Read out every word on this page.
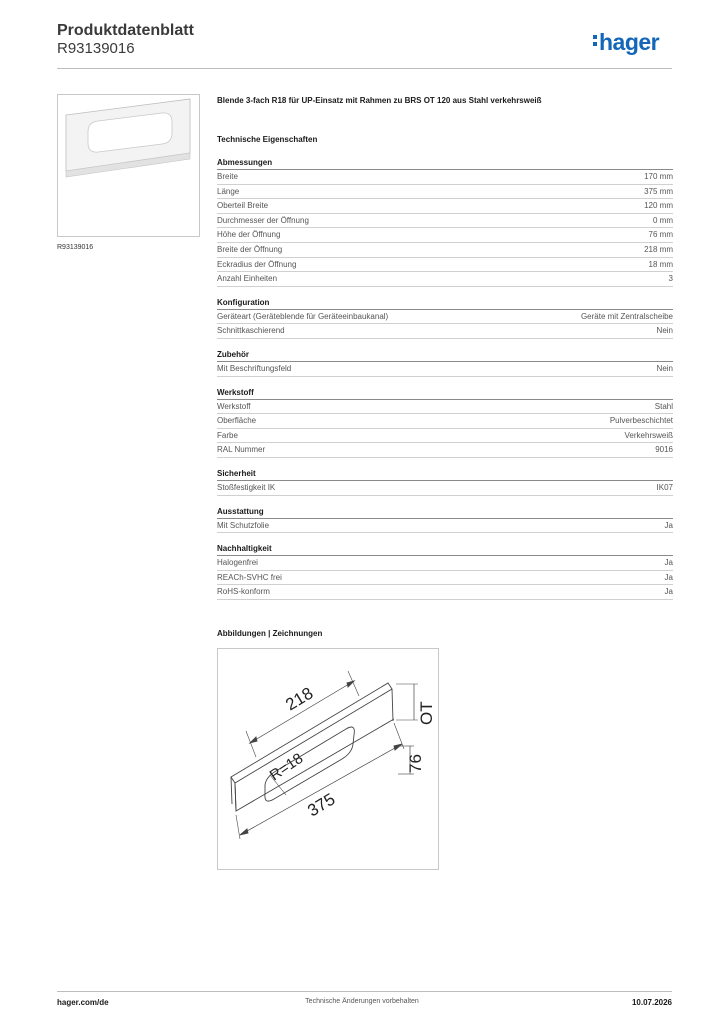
Produktdatenblatt
R93139016	hager
R93139016
Blende 3-fach R18 für UP-Einsatz mit Rahmen zu BRS OT 120 aus Stahl verkehrsweiß
Technische Eigenschaften
Abmessungen
Breite	170 mm
Länge	375 mm
Oberteil Breite	120 mm
Durchmesser der Öffnung	0 mm
Höhe der Öffnung	76 mm
Breite der Öffnung	218 mm
Eckradius der Öffnung	18 mm
Anzahl Einheiten	3
Konfiguration
Geräteart (Geräteblende für Geräteeinbaukanal)	Geräte mit Zentralscheibe
Schnittkaschierend	Nein
Zubehör
Mit Beschriftungsfeld	Nein
Werkstoff
Werkstoff	Stahl
Oberfläche	Pulverbeschichtet
Farbe	Verkehrsweiß
RAL Nummer	9016
Sicherheit
Stoßfestigkeit IK	IK07
Ausstattung
Mit Schutzfolie	Ja
Nachhaltigkeit
Halogenfrei	Ja
REACh-SVHC frei	Ja
RoHS-konform	Ja
Abbildungen | Zeichnungen
218	OT
R=18	76
375
hager.com/de	Technische Änderungen vorbehalten	10.07.2026
